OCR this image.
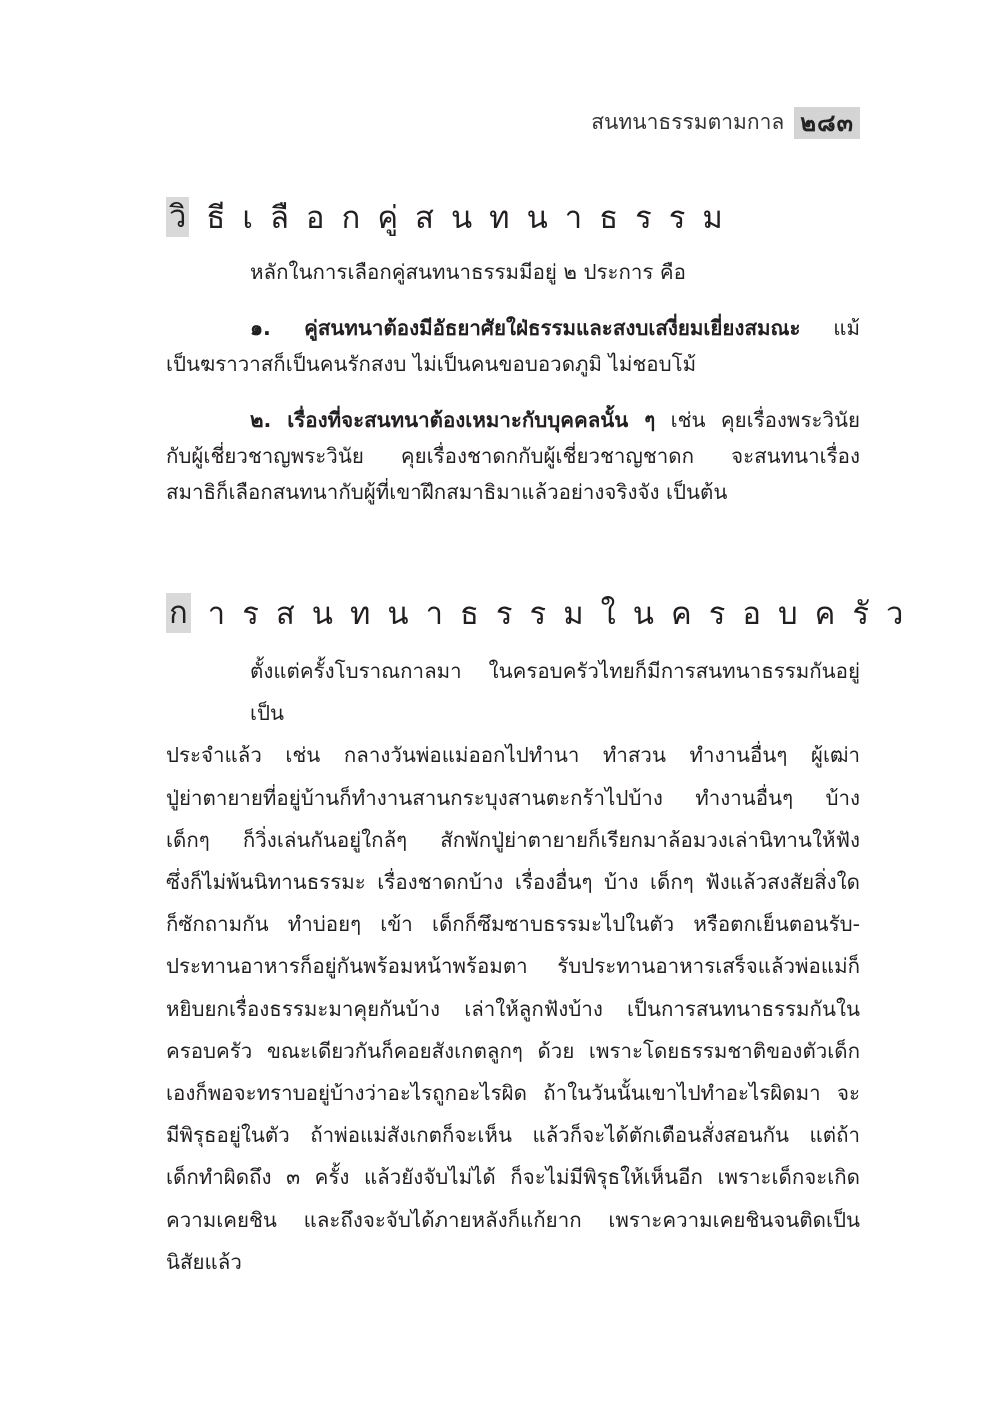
สนทนาธรรมตามกาล ๒๘๓
วิ ธีเลือกคู่สนทนาธรรม
หลักในการเลือกคู่สนทนาธรรมมีอยู่ ๒ ประการ คือ
๑. คู่สนทนาต้องมีอัธยาศัยใฝ่ธรรมและสงบเสงี่ยมเยี่ยงสมณะ แม้
เป็นฆราวาสก็เป็นคนรักสงบ ไม่เป็นคนขอบอวดภูมิ ไม่ชอบโม้
๒. เรื่องที่จะสนทนาต้องเหมาะกับบุคคลนั้น ๆ เช่น คุยเรื่องพระวินัย
กับผู้เชี่ยวชาญพระวินัย คุยเรื่องชาดกกับผู้เชี่ยวชาญชาดก จะสนทนาเรื่อง
สมาธิก็เลือกสนทนากับผู้ที่เขาฝึกสมาธิมาแล้วอย่างจริงจัง เป็นต้น
ก ารสนทนาธรรมในครอบครัว
ตั้งแต่ครั้งโบราณกาลมา ในครอบครัวไทยก็มีการสนทนาธรรมกันอยู่เป็น
ประจำแล้ว เช่น กลางวันพ่อแม่ออกไปทำนา ทำสวน ทำงานอื่นๆ ผู้เฒ่า
ปู่ย่าตายายที่อยู่บ้านก็ทำงานสานกระบุงสานตะกร้าไปบ้าง ทำงานอื่นๆ บ้าง
เด็กๆ ก็วิ่งเล่นกันอยู่ใกล้ๆ สักพักปู่ย่าตายายก็เรียกมาล้อมวงเล่านิทานให้ฟัง
ซึ่งก็ไม่พ้นนิทานธรรมะ เรื่องชาดกบ้าง เรื่องอื่นๆ บ้าง เด็กๆ ฟังแล้วสงสัยสิ่งใด
ก็ซักถามกัน ทำบ่อยๆ เข้า เด็กก็ซึมซาบธรรมะไปในตัว หรือตกเย็นตอนรับ-
ประทานอาหารก็อยู่กันพร้อมหน้าพร้อมตา รับประทานอาหารเสร็จแล้วพ่อแม่ก็
หยิบยกเรื่องธรรมะมาคุยกันบ้าง เล่าให้ลูกฟังบ้าง เป็นการสนทนาธรรมกันใน
ครอบครัว ขณะเดียวกันก็คอยสังเกตลูกๆ ด้วย เพราะโดยธรรมชาติของตัวเด็ก
เองก็พอจะทราบอยู่บ้างว่าอะไรถูกอะไรผิด ถ้าในวันนั้นเขาไปทำอะไรผิดมา จะ
มีพิรุธอยู่ในตัว ถ้าพ่อแม่สังเกตก็จะเห็น แล้วก็จะได้ตักเตือนสั่งสอนกัน แต่ถ้า
เด็กทำผิดถึง ๓ ครั้ง แล้วยังจับไม่ได้ ก็จะไม่มีพิรุธให้เห็นอีก เพราะเด็กจะเกิด
ความเคยชิน และถึงจะจับได้ภายหลังก็แก้ยาก เพราะความเคยชินจนติดเป็น
นิสัยแล้ว
